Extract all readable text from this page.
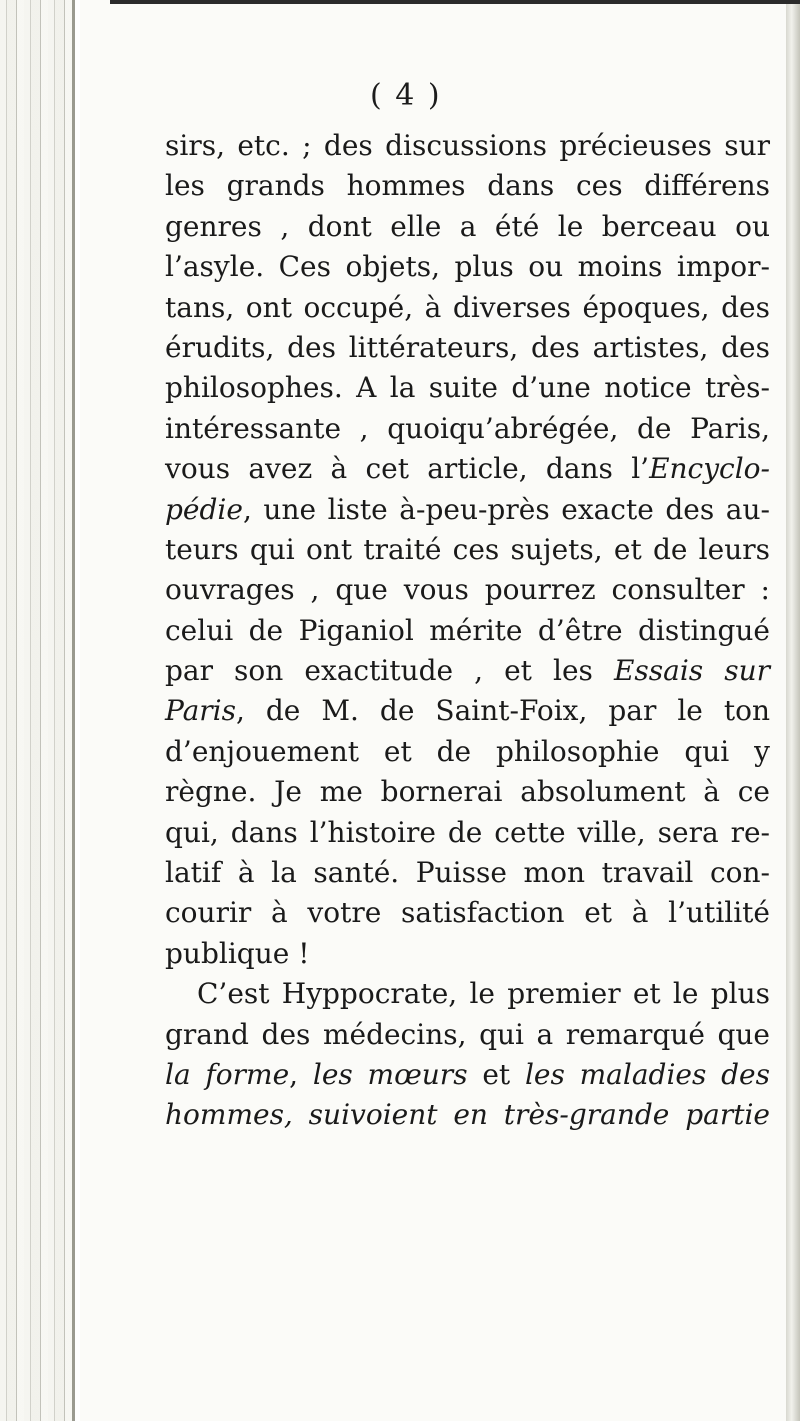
( 4 )
sirs, etc. ; des discussions précieuses sur
les grands hommes dans ces différens
genres , dont elle a été le berceau ou
l’asyle. Ces objets, plus ou moins impor-
tans, ont occupé, à diverses époques, des
érudits, des littérateurs, des artistes, des
philosophes. A la suite d’une notice très-
intéressante , quoiqu’abrégée, de Paris,
vous avez à cet article, dans l’Encyclo-
pédie, une liste à-peu-près exacte des au-
teurs qui ont traité ces sujets, et de leurs
ouvrages , que vous pourrez consulter :
celui de Piganiol mérite d’être distingué
par son exactitude , et les Essais sur
Paris, de M. de Saint-Foix, par le ton
d’enjouement et de philosophie qui y
règne. Je me bornerai absolument à ce
qui, dans l’histoire de cette ville, sera re-
latif à la santé. Puisse mon travail con-
courir à votre satisfaction et à l’utilité
publique !
C’est Hyppocrate, le premier et le plus
grand des médecins, qui a remarqué que
la forme, les mœurs et les maladies des
hommes, suivoient en très-grande partie
